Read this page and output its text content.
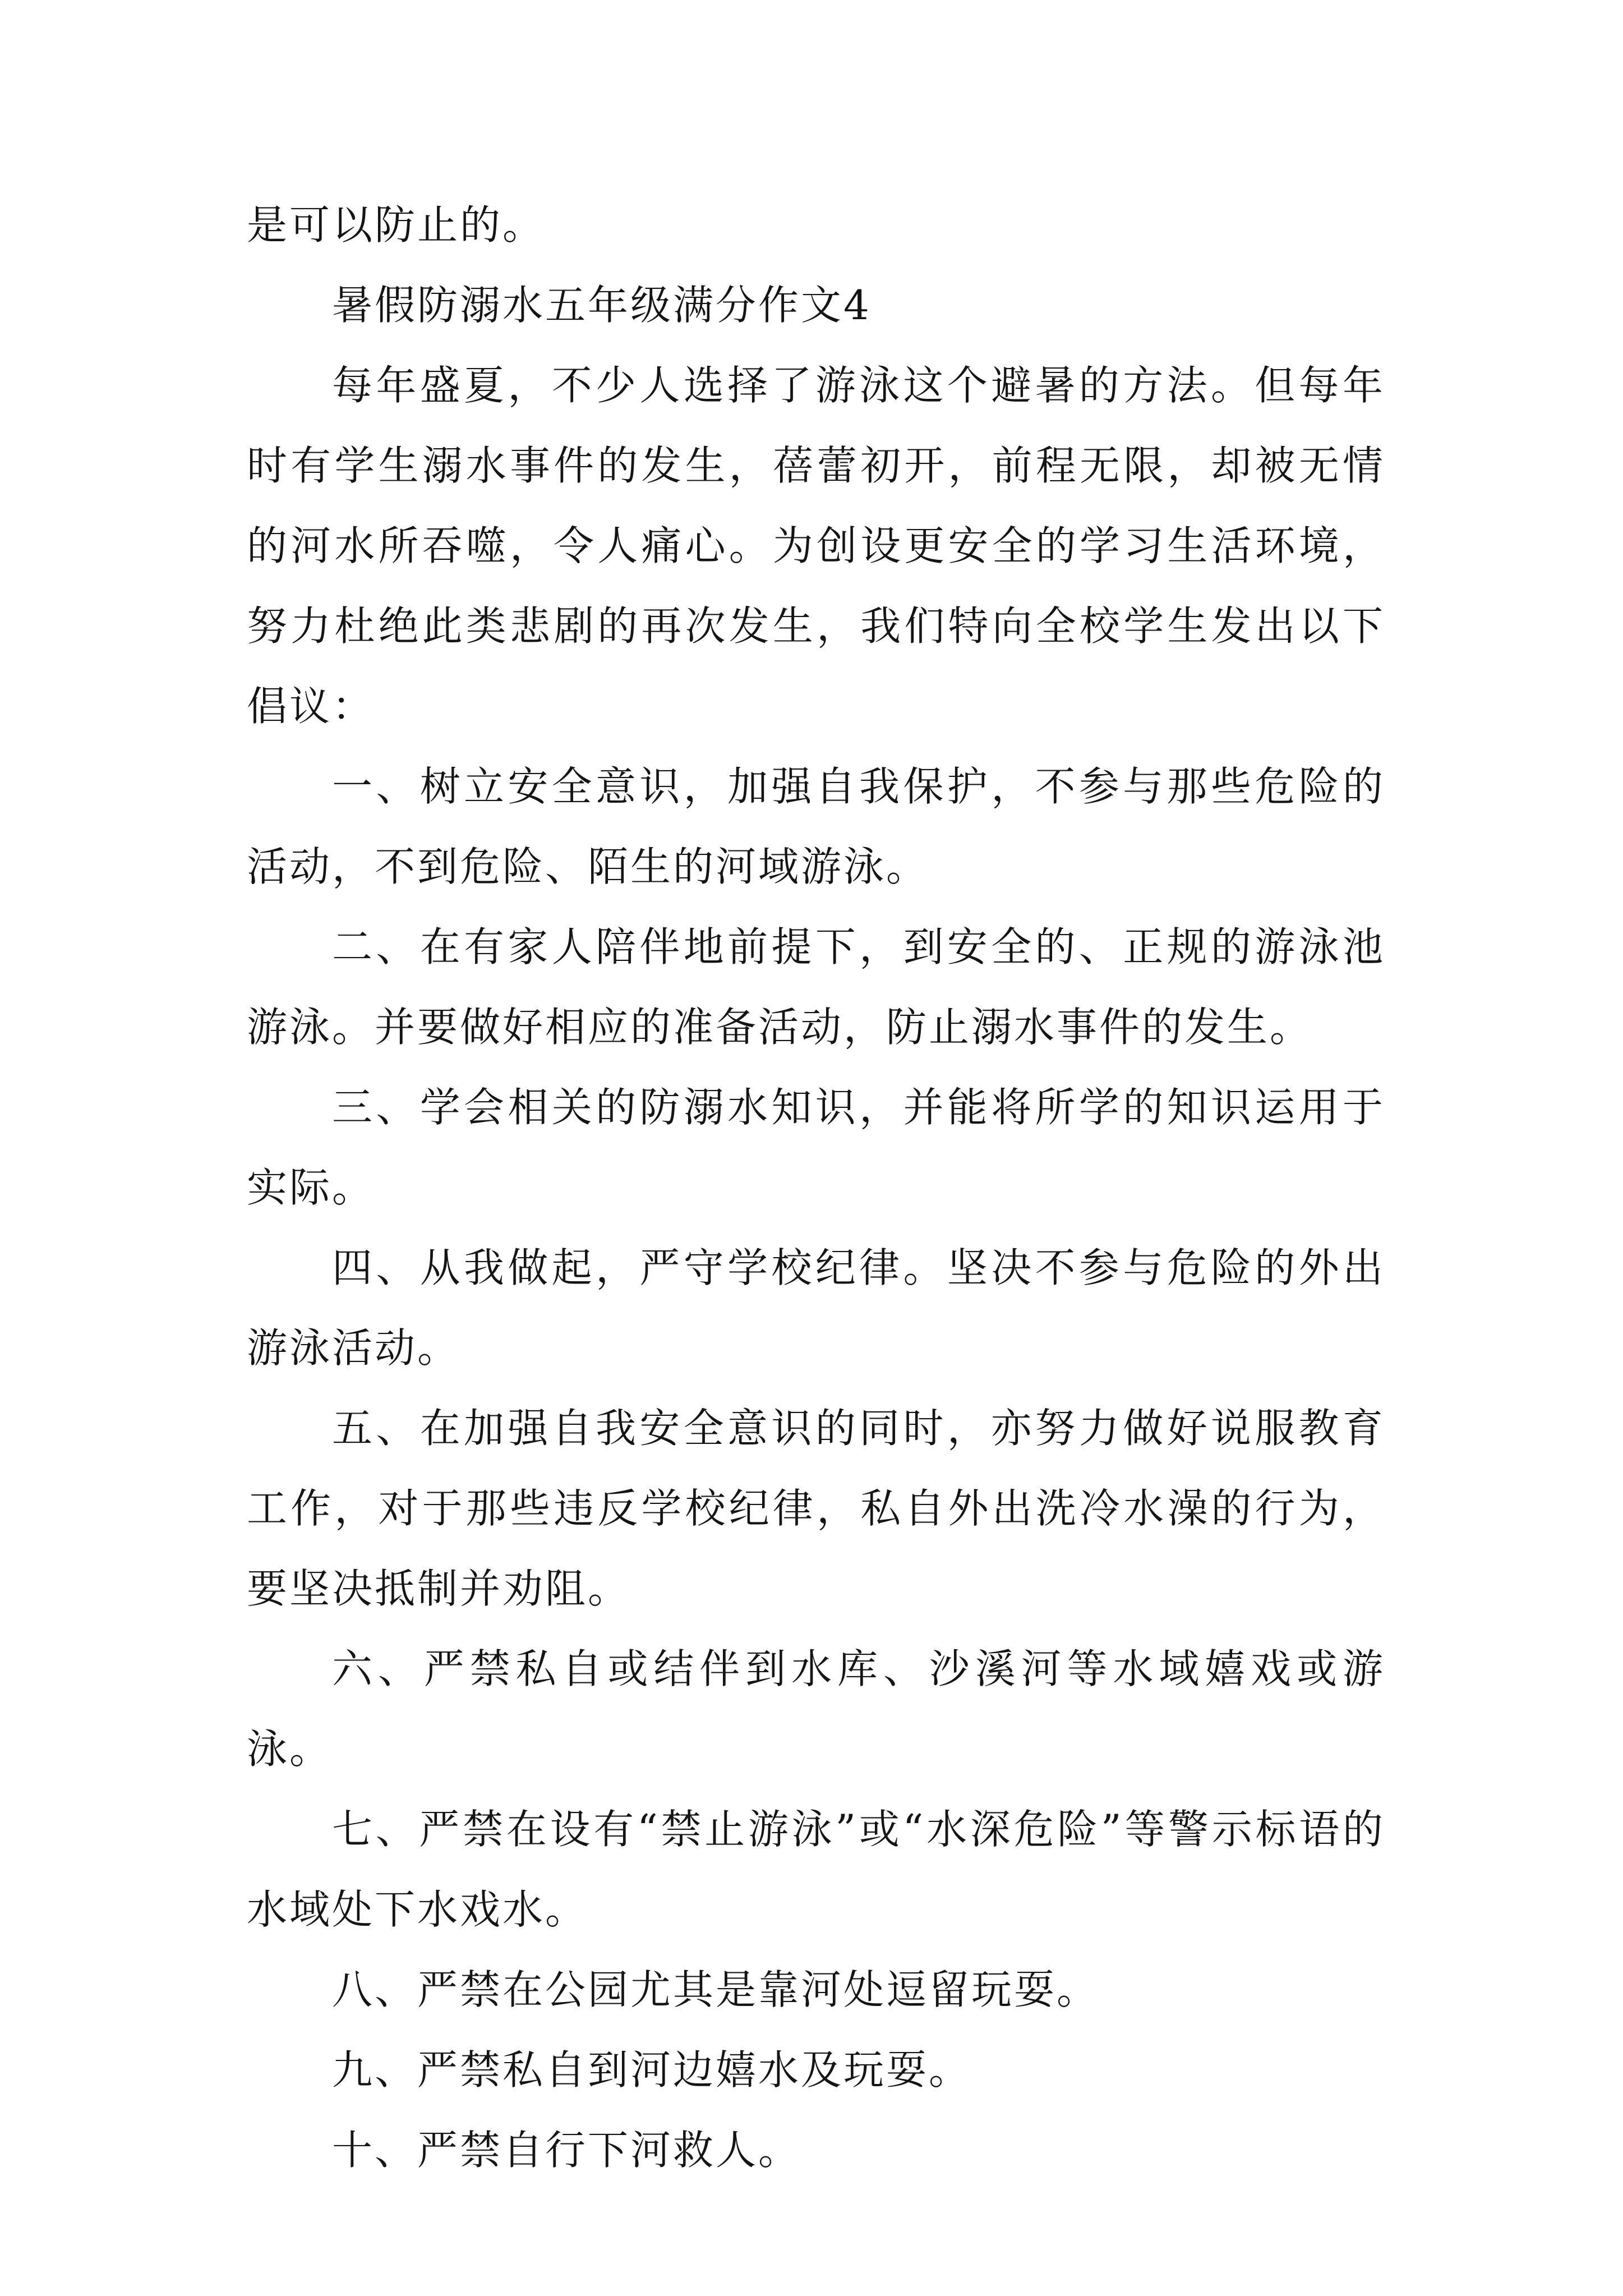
是可以防止的。

暑假防溺水五年级满分作文4

每年盛夏，不少人选择了游泳这个避暑的方法。但每年时有学生溺水事件的发生，蓓蕾初开，前程无限，却被无情的河水所吞噬，令人痛心。为创设更安全的学习生活环境，努力杜绝此类悲剧的再次发生，我们特向全校学生发出以下倡议：

一、树立安全意识，加强自我保护，不参与那些危险的活动，不到危险、陌生的河域游泳。

二、在有家人陪伴地前提下，到安全的、正规的游泳池游泳。并要做好相应的准备活动，防止溺水事件的发生。

三、学会相关的防溺水知识，并能将所学的知识运用于实际。

四、从我做起，严守学校纪律。坚决不参与危险的外出游泳活动。

五、在加强自我安全意识的同时，亦努力做好说服教育工作，对于那些违反学校纪律，私自外出洗冷水澡的行为，要坚决抵制并劝阻。

六、严禁私自或结伴到水库、沙溪河等水域嬉戏或游泳。

七、严禁在设有“禁止游泳”或“水深危险”等警示标语的水域处下水戏水。

八、严禁在公园尤其是靠河处逗留玩耍。

九、严禁私自到河边嬉水及玩耍。

十、严禁自行下河救人。
